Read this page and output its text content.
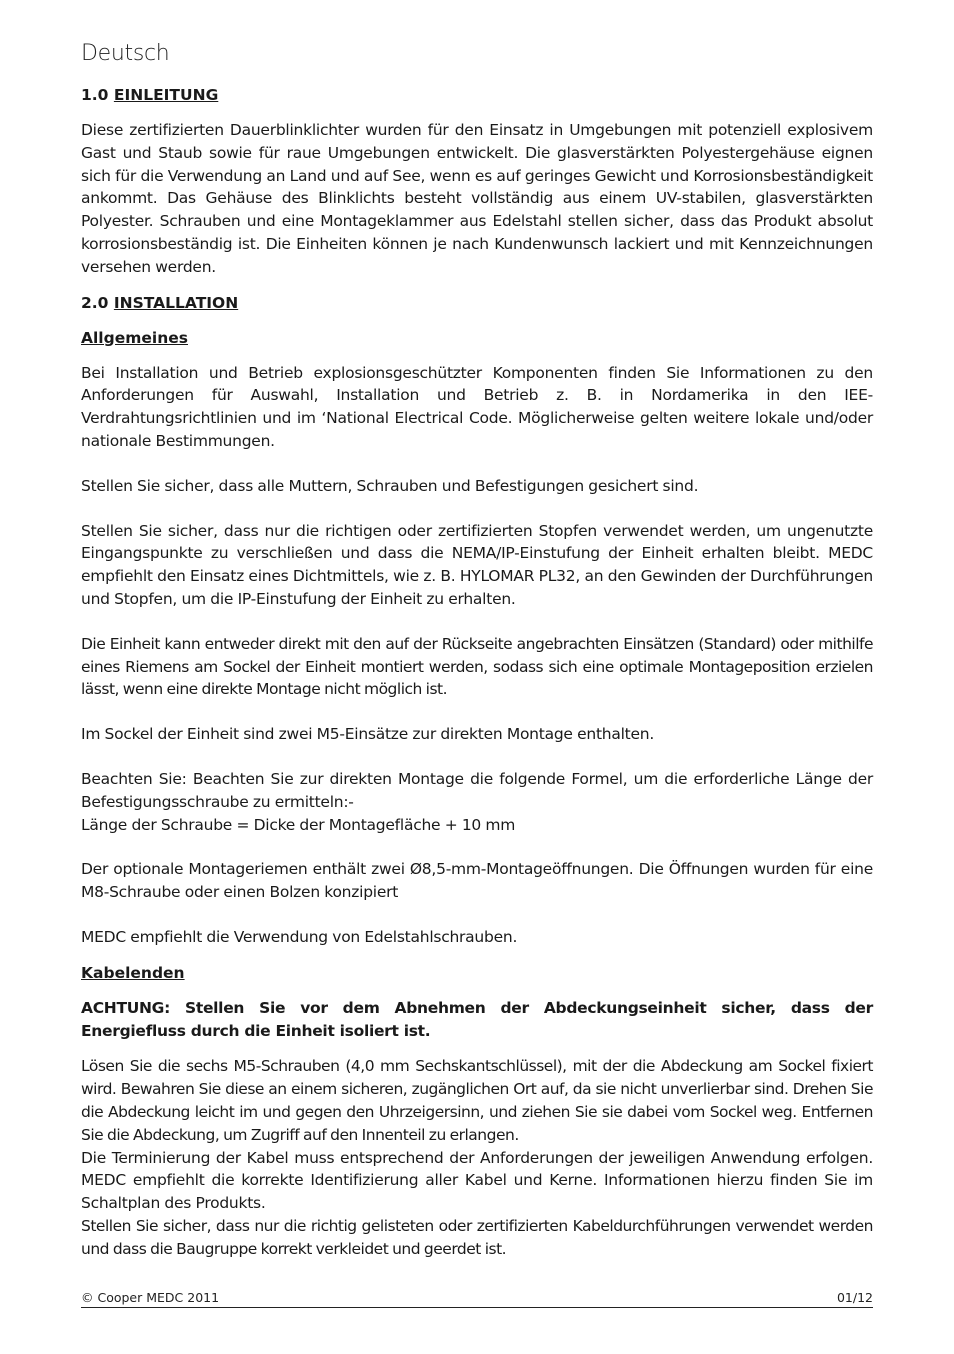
Deutsch

1.0 EINLEITUNG

Diese zertifizierten Dauerblinklichter wurden für den Einsatz in Umgebungen mit potenziell explosivem Gast und Staub sowie für raue Umgebungen entwickelt. Die glasverstärkten Polyestergehäuse eignen sich für die Verwendung an Land und auf See, wenn es auf geringes Gewicht und Korrosionsbeständigkeit ankommt. Das Gehäuse des Blinklichts besteht vollständig aus einem UV-stabilen, glasverstärkten Polyester. Schrauben und eine Montageklammer aus Edelstahl stellen sicher, dass das Produkt absolut korrosionsbeständig ist. Die Einheiten können je nach Kundenwunsch lackiert und mit Kennzeichnungen versehen werden.

2.0 INSTALLATION

Allgemeines

Bei Installation und Betrieb explosionsgeschützter Komponenten finden Sie Informationen zu den Anforderungen für Auswahl, Installation und Betrieb z. B. in Nordamerika in den IEE-Verdrahtungsrichtlinien und im ‘National Electrical Code. Möglicherweise gelten weitere lokale und/oder nationale Bestimmungen.

Stellen Sie sicher, dass alle Muttern, Schrauben und Befestigungen gesichert sind.

Stellen Sie sicher, dass nur die richtigen oder zertifizierten Stopfen verwendet werden, um ungenutzte Eingangspunkte zu verschließen und dass die NEMA/IP-Einstufung der Einheit erhalten bleibt. MEDC empfiehlt den Einsatz eines Dichtmittels, wie z. B. HYLOMAR PL32, an den Gewinden der Durchführungen und Stopfen, um die IP-Einstufung der Einheit zu erhalten.

Die Einheit kann entweder direkt mit den auf der Rückseite angebrachten Einsätzen (Standard) oder mithilfe eines Riemens am Sockel der Einheit montiert werden, sodass sich eine optimale Montageposition erzielen lässt, wenn eine direkte Montage nicht möglich ist.

Im Sockel der Einheit sind zwei M5-Einsätze zur direkten Montage enthalten.

Beachten Sie: Beachten Sie zur direkten Montage die folgende Formel, um die erforderliche Länge der Befestigungsschraube zu ermitteln:-

Länge der Schraube = Dicke der Montagefläche + 10 mm

Der optionale Montageriemen enthält zwei Ø8,5-mm-Montageöffnungen. Die Öffnungen wurden für eine M8-Schraube oder einen Bolzen konzipiert

MEDC empfiehlt die Verwendung von Edelstahlschrauben.

Kabelenden

ACHTUNG: Stellen Sie vor dem Abnehmen der Abdeckungseinheit sicher, dass der Energiefluss durch die Einheit isoliert ist.

Lösen Sie die sechs M5-Schrauben (4,0 mm Sechskantschlüssel), mit der die Abdeckung am Sockel fixiert wird. Bewahren Sie diese an einem sicheren, zugänglichen Ort auf, da sie nicht unverlierbar sind. Drehen Sie die Abdeckung leicht im und gegen den Uhrzeigersinn, und ziehen Sie sie dabei vom Sockel weg. Entfernen Sie die Abdeckung, um Zugriff auf den Innenteil zu erlangen.

Die Terminierung der Kabel muss entsprechend der Anforderungen der jeweiligen Anwendung erfolgen. MEDC empfiehlt die korrekte Identifizierung aller Kabel und Kerne. Informationen hierzu finden Sie im Schaltplan des Produkts.

Stellen Sie sicher, dass nur die richtig gelisteten oder zertifizierten Kabeldurchführungen verwendet werden und dass die Baugruppe korrekt verkleidet und geerdet ist.

© Cooper MEDC 2011	01/12
